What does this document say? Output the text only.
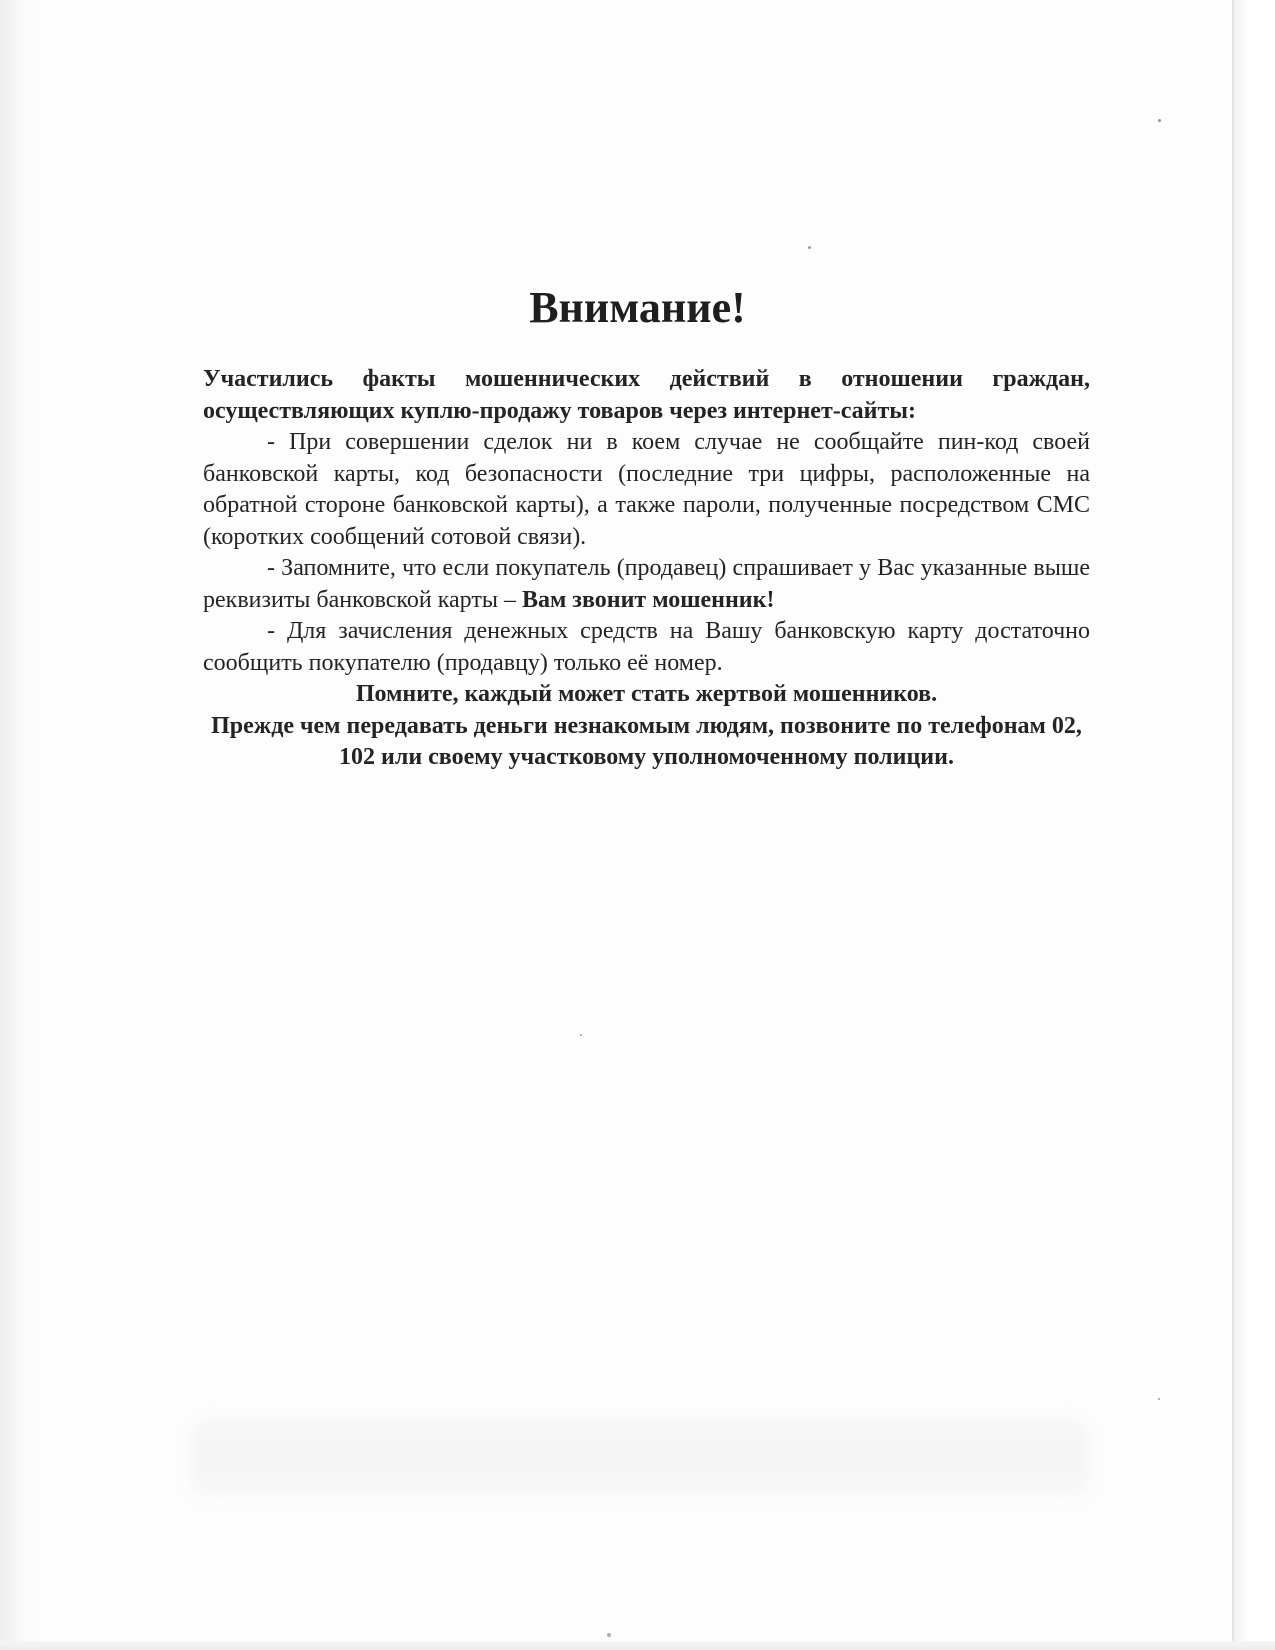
Внимание!

Участились факты мошеннических действий в отношении граждан, осуществляющих куплю-продажу товаров через интернет-сайты:

- При совершении сделок ни в коем случае не сообщайте пин-код своей банковской карты, код безопасности (последние три цифры, расположенные на обратной стороне банковской карты), а также пароли, полученные посредством СМС (коротких сообщений сотовой связи).

- Запомните, что если покупатель (продавец) спрашивает у Вас указанные выше реквизиты банковской карты – Вам звонит мошенник!

- Для зачисления денежных средств на Вашу банковскую карту достаточно сообщить покупателю (продавцу) только её номер.

Помните, каждый может стать жертвой мошенников.

Прежде чем передавать деньги незнакомым людям, позвоните по телефонам 02, 102 или своему участковому уполномоченному полиции.
